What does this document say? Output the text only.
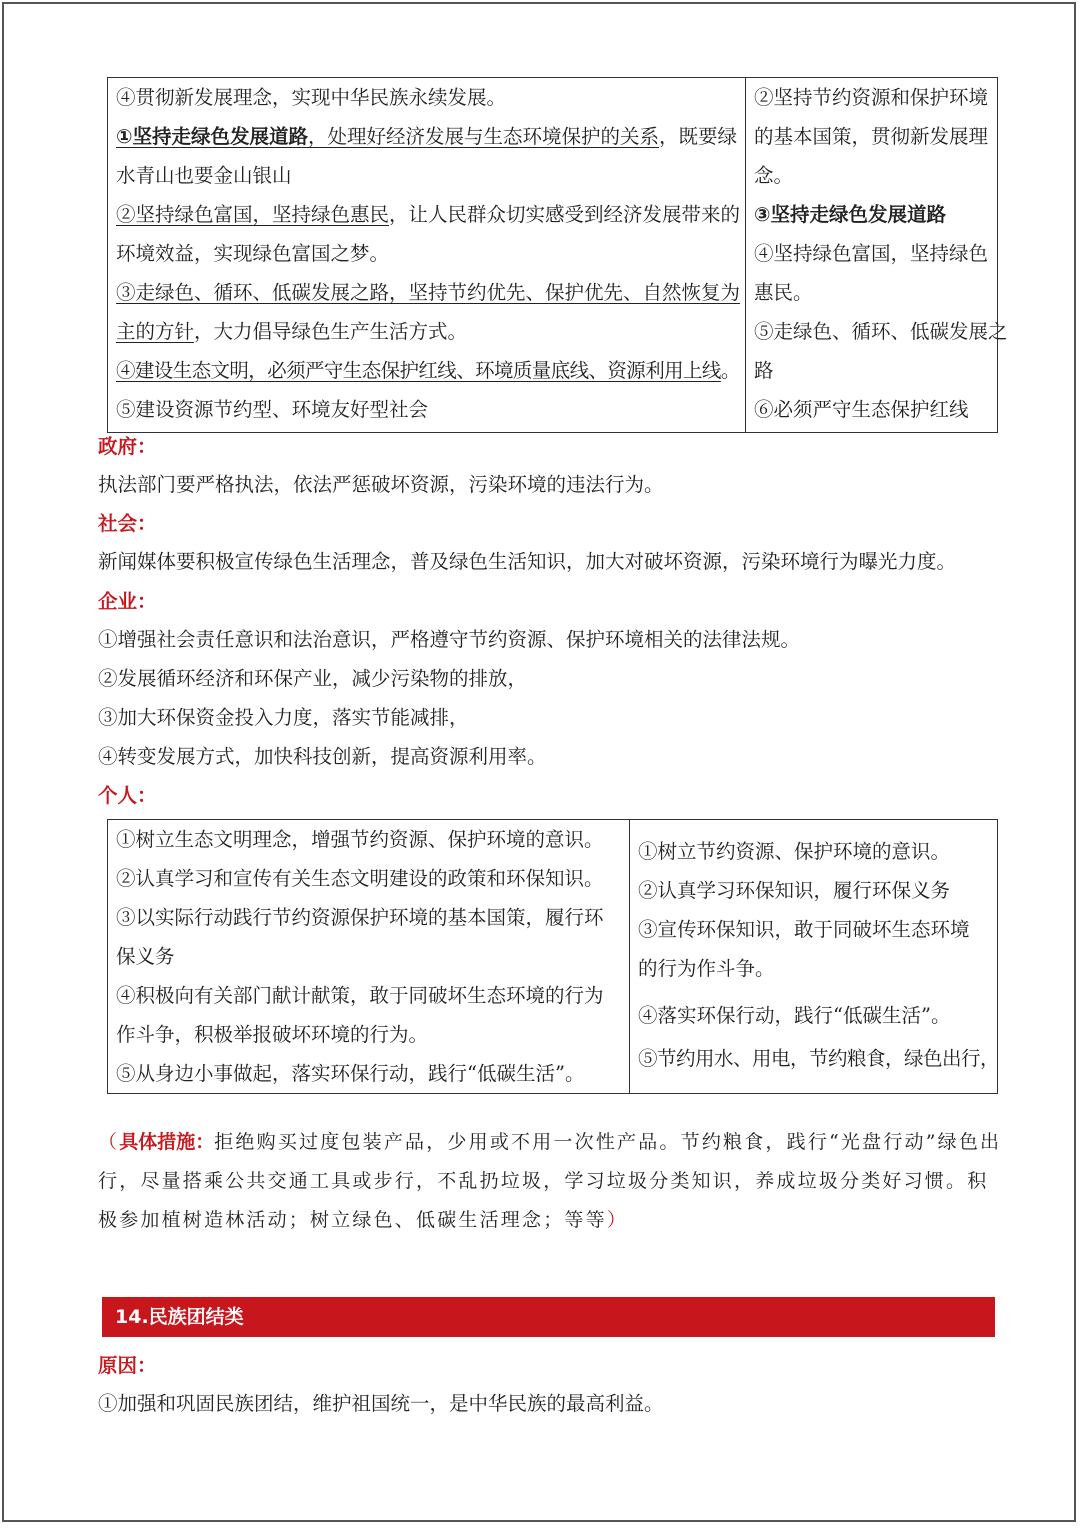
④贯彻新发展理念，实现中华民族永续发展。
①坚持走绿色发展道路，处理好经济发展与生态环境保护的关系，既要绿
水青山也要金山银山
②坚持绿色富国，坚持绿色惠民，让人民群众切实感受到经济发展带来的
环境效益，实现绿色富国之梦。
③走绿色、循环、低碳发展之路，坚持节约优先、保护优先、自然恢复为
主的方针，大力倡导绿色生产生活方式。
④建设生态文明，必须严守生态保护红线、环境质量底线、资源利用上线。
⑤建设资源节约型、环境友好型社会
②坚持节约资源和保护环境
的基本国策，贯彻新发展理
念。
③坚持走绿色发展道路
④坚持绿色富国，坚持绿色
惠民。
⑤走绿色、循环、低碳发展之
路
⑥必须严守生态保护红线
政府：
执法部门要严格执法，依法严惩破坏资源，污染环境的违法行为。
社会：
新闻媒体要积极宣传绿色生活理念，普及绿色生活知识，加大对破坏资源，污染环境行为曝光力度。
企业：
①增强社会责任意识和法治意识，严格遵守节约资源、保护环境相关的法律法规。
②发展循环经济和环保产业，减少污染物的排放，
③加大环保资金投入力度，落实节能减排，
④转变发展方式，加快科技创新，提高资源利用率。
个人：
①树立生态文明理念，增强节约资源、保护环境的意识。
②认真学习和宣传有关生态文明建设的政策和环保知识。
③以实际行动践行节约资源保护环境的基本国策，履行环
保义务
④积极向有关部门献计献策，敢于同破坏生态环境的行为
作斗争，积极举报破坏环境的行为。
⑤从身边小事做起，落实环保行动，践行“低碳生活”。
①树立节约资源、保护环境的意识。
②认真学习环保知识，履行环保义务
③宣传环保知识，敢于同破坏生态环境
的行为作斗争。
④落实环保行动，践行“低碳生活”。
⑤节约用水、用电，节约粮食，绿色出行，
（具体措施：拒绝购买过度包装产品，少用或不用一次性产品。节约粮食，践行“光盘行动”绿色出行，尽量搭乘公共交通工具或步行，不乱扔垃圾，学习垃圾分类知识，养成垃圾分类好习惯。积极参加植树造林活动；树立绿色、低碳生活理念；等等）
14.民族团结类
原因：
①加强和巩固民族团结，维护祖国统一，是中华民族的最高利益。
